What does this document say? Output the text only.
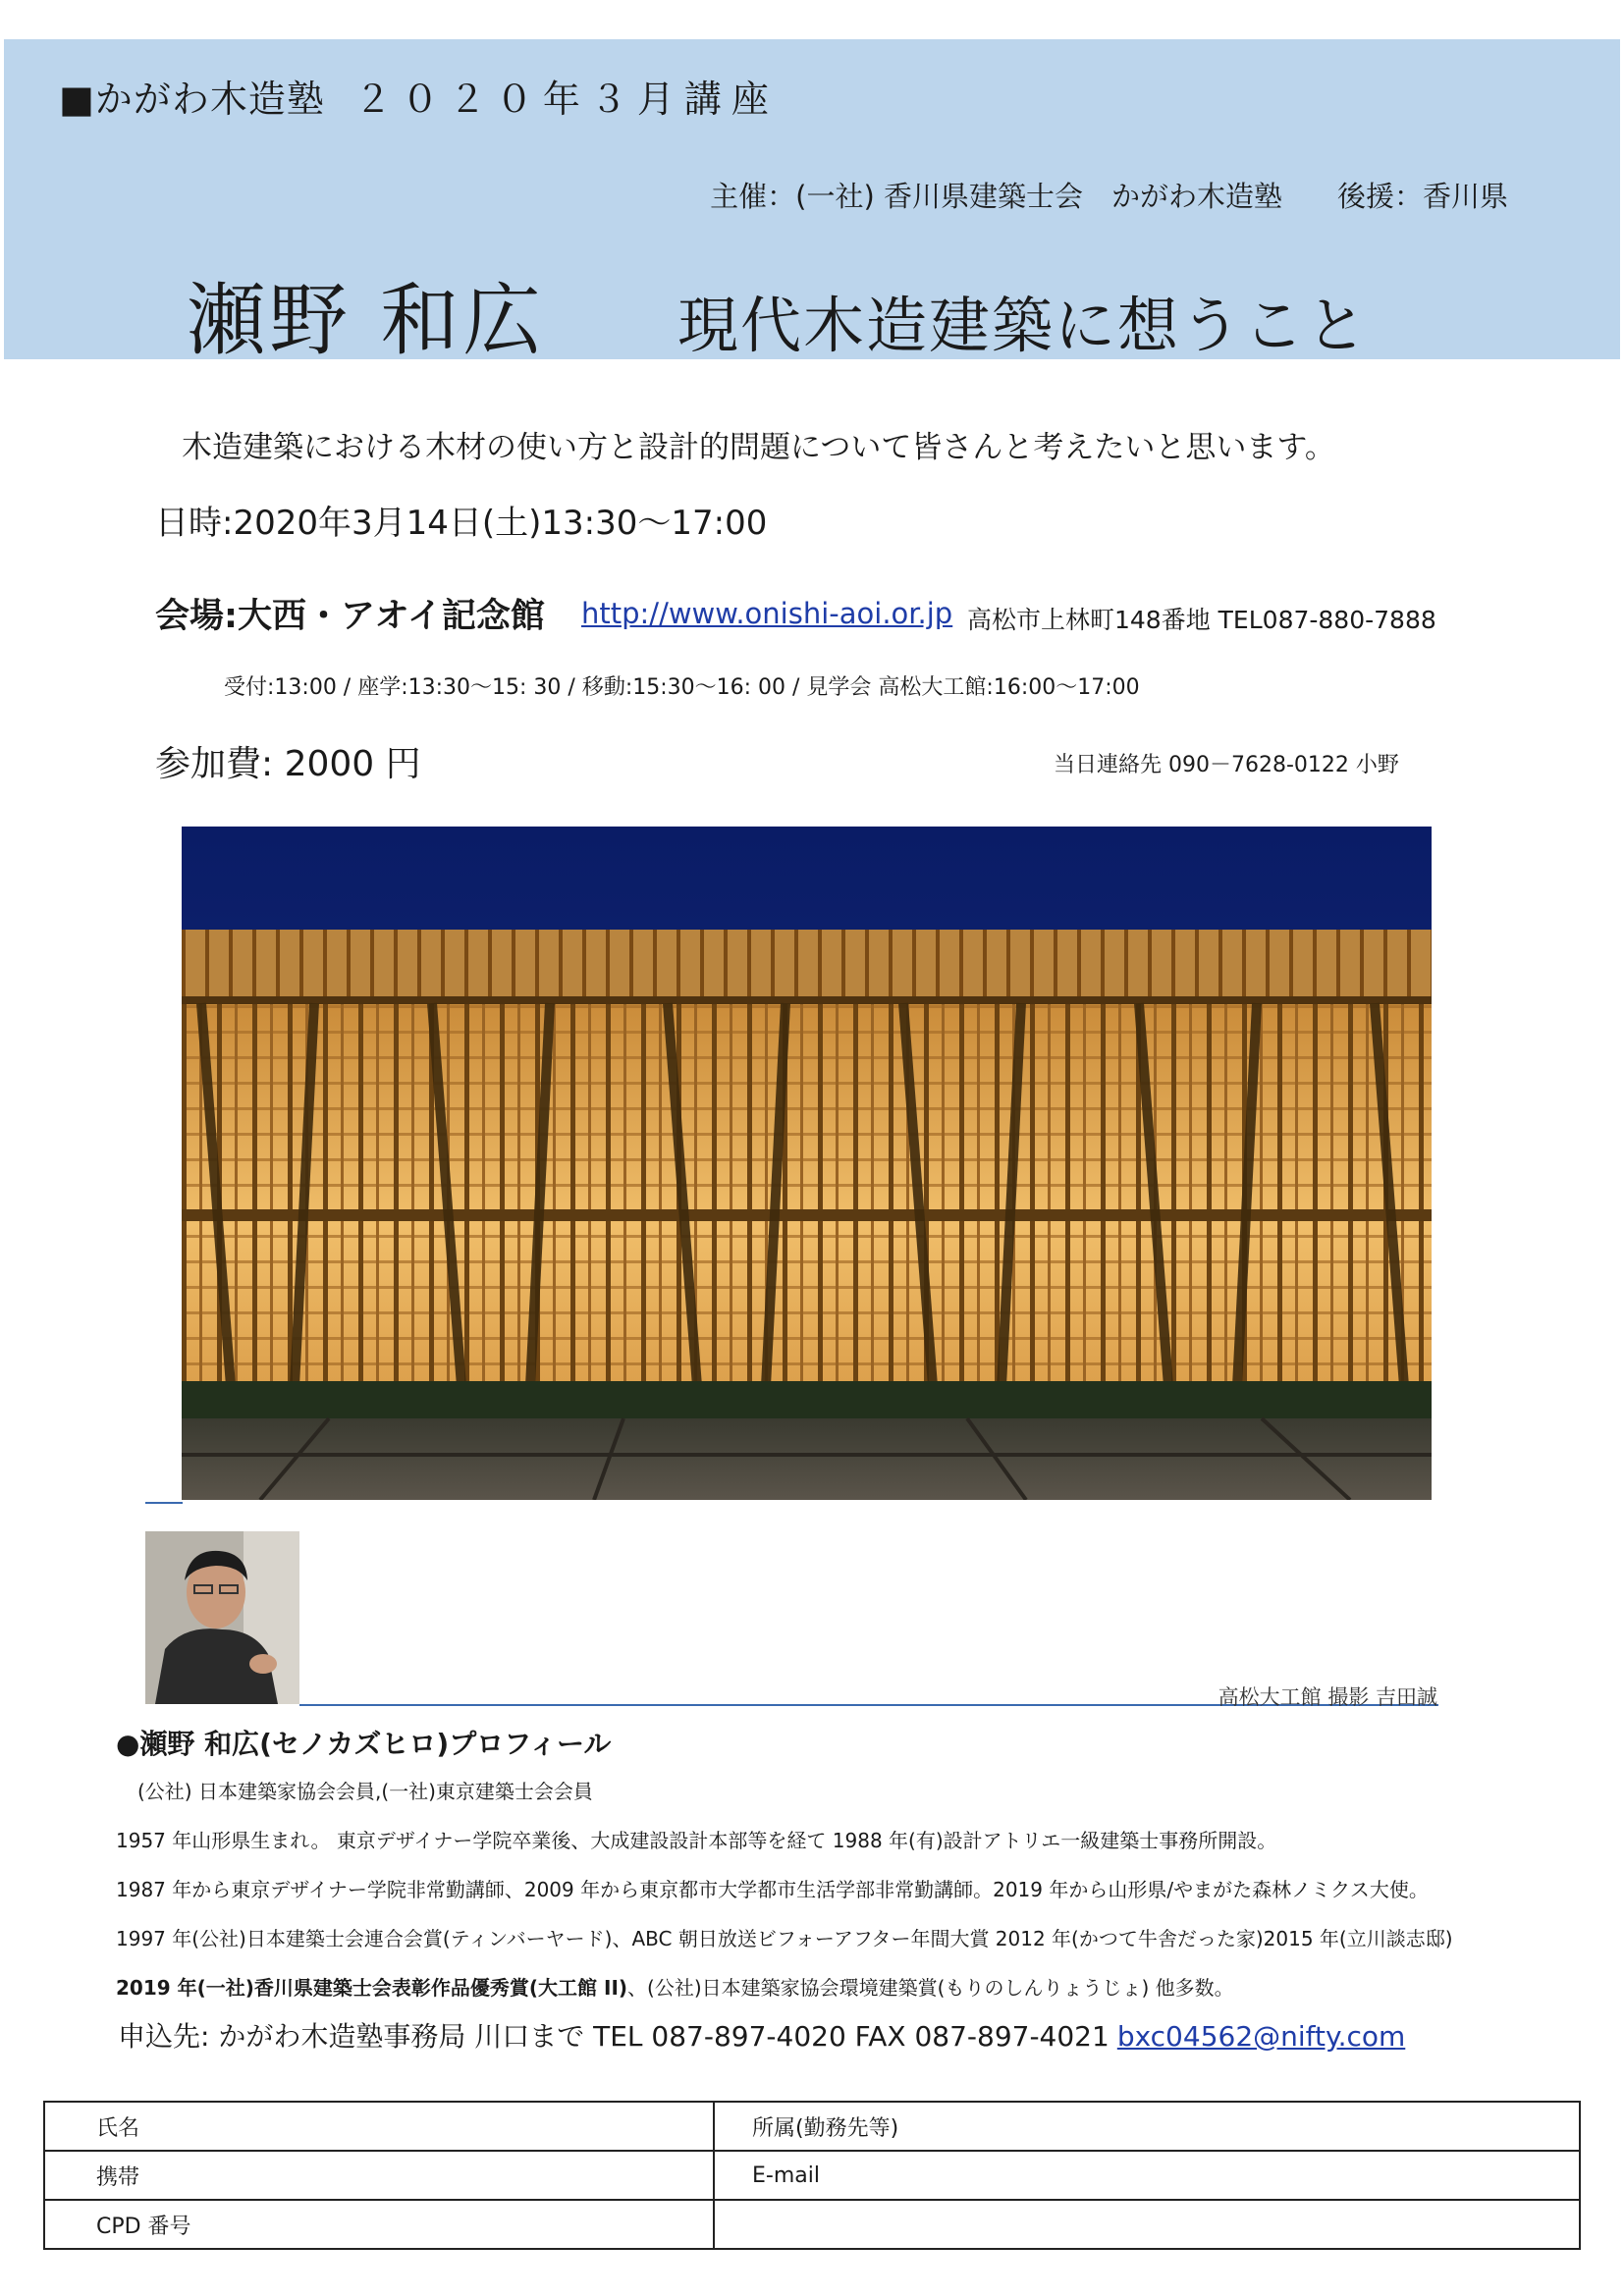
■かがわ木造塾 ２０２０年３月講座
主催：(一社) 香川県建築士会　かがわ木造塾 後援：香川県
瀬野 和広 現代木造建築に想うこと
木造建築における木材の使い方と設計的問題について皆さんと考えたいと思います。
日時:2020年3月14日(土)13:30〜17:00
会場:大西・アオイ記念館 http://www.onishi-aoi.or.jp 高松市上林町148番地 TEL087-880-7888
受付:13:00 / 座学:13:30〜15: 30 / 移動:15:30〜16: 00 / 見学会 高松大工館:16:00〜17:00
参加費: 2000 円	当日連絡先 090－7628-0122 小野
高松大工館 撮影 吉田誠
●瀬野 和広(セノカズヒロ)プロフィール
(公社) 日本建築家協会会員,(一社)東京建築士会会員
1957 年山形県生まれ。 東京デザイナー学院卒業後、大成建設設計本部等を経て 1988 年(有)設計アトリエ一級建築士事務所開設。
1987 年から東京デザイナー学院非常勤講師、2009 年から東京都市大学都市生活学部非常勤講師。2019 年から山形県/やまがた森林ノミクス大使。
1997 年(公社)日本建築士会連合会賞(ティンバーヤード)、ABC 朝日放送ビフォーアフター年間大賞 2012 年(かつて牛舎だった家)2015 年(立川談志邸)
2019 年(一社)香川県建築士会表彰作品優秀賞(大工館 II)、(公社)日本建築家協会環境建築賞(もりのしんりょうじょ) 他多数。
申込先: かがわ木造塾事務局 川口まで TEL 087-897-4020 FAX 087-897-4021 bxc04562@nifty.com
氏名	所属(勤務先等)
携帯	E-mail
CPD 番号	
